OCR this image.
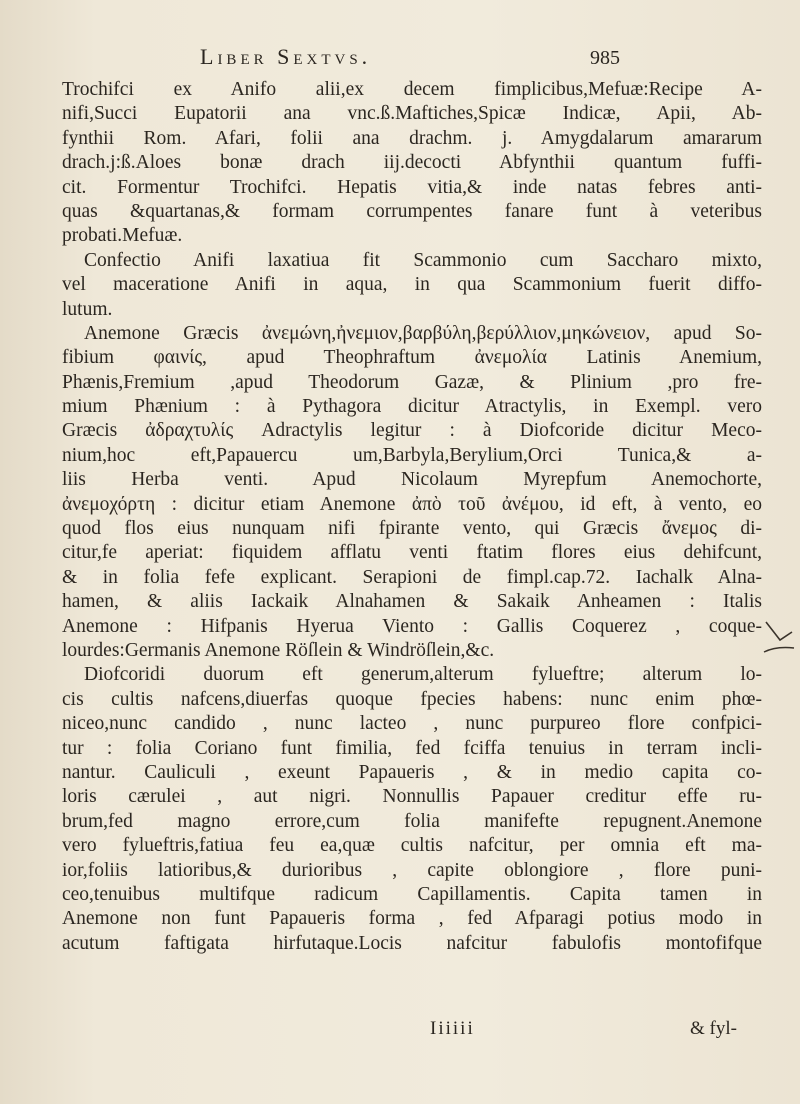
Liber Sextvs.	985
Trochifci ex Anifo alii,ex decem fimplicibus,Mefuæ:Recipe A-
nifi,Succi Eupatorii ana vnc.ß.Maftiches,Spicæ Indicæ, Apii, Ab-
fynthii Rom. Afari, folii ana drachm. j. Amygdalarum amararum
drach.j:ß.Aloes bonæ drach iij.decocti Abfynthii quantum fuffi-
cit. Formentur Trochifci. Hepatis vitia,& inde natas febres anti-
quas &quartanas,& formam corrumpentes fanare funt à veteribus
probati.Mefuæ.
Confectio Anifi laxatiua fit Scammonio cum Saccharo mixto,
vel maceratione Anifi in aqua, in qua Scammonium fuerit diffo-
lutum.
Anemone Græcis ἀνεμώνη,ἠνεμιον,βαρβύλη,βερύλλιον,μηκώνειον, apud So-
fibium φαινίς, apud Theophraftum ἀνεμολία Latinis Anemium,
Phænis,Fremium ,apud Theodorum Gazæ, & Plinium ,pro fre-
mium Phænium : à Pythagora dicitur Atractylis, in Exempl. vero
Græcis ἀδραχτυλίς Adractylis legitur : à Diofcoride dicitur Meco-
nium,hoc eft,Papauercu um,Barbyla,Berylium,Orci Tunica,& a-
liis Herba venti. Apud Nicolaum Myrepfum Anemochorte,
ἀνεμοχόρτη : dicitur etiam Anemone ἀπὸ τοῦ ἀνέμου, id eft, à vento, eo
quod flos eius nunquam nifi fpirante vento, qui Græcis ἄνεμος di-
citur,fe aperiat: fiquidem afflatu venti ftatim flores eius dehifcunt,
& in folia fefe explicant. Serapioni de fimpl.cap.72. Iachalk Alna-
hamen, & aliis Iackaik Alnahamen & Sakaik Anheamen : Italis
Anemone : Hifpanis Hyerua Viento : Gallis Coquerez , coque-
lourdes:Germanis Anemone Röſlein & Windröſlein,&c.
Diofcoridi duorum eft generum,alterum fylueftre; alterum lo-
cis cultis nafcens,diuerfas quoque fpecies habens: nunc enim phœ-
niceo,nunc candido , nunc lacteo , nunc purpureo flore confpici-
tur : folia Coriano funt fimilia, fed fciffa tenuius in terram incli-
nantur. Cauliculi , exeunt Papaueris , & in medio capita co-
loris cærulei , aut nigri. Nonnullis Papauer creditur effe ru-
brum,fed magno errore,cum folia manifefte repugnent.Anemone
vero fylueftris,fatiua feu ea,quæ cultis nafcitur, per omnia eft ma-
ior,foliis latioribus,& durioribus , capite oblongiore , flore puni-
ceo,tenuibus multifque radicum Capillamentis. Capita tamen in
Anemone non funt Papaueris forma , fed Afparagi potius modo in
acutum faftigata hirfutaque.Locis nafcitur fabulofis montofifque
Iiiiii	& fyl-
